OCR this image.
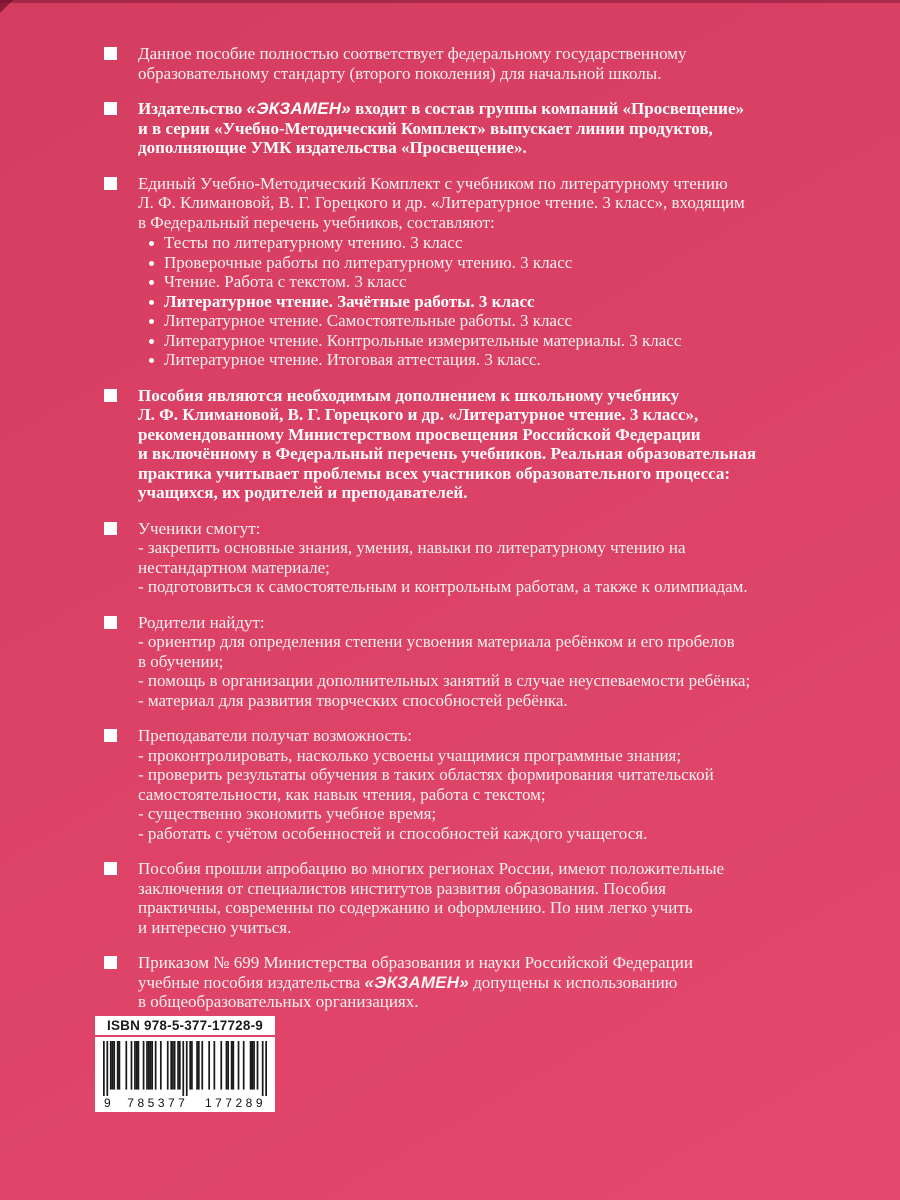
Данное пособие полностью соответствует федеральному государственному

образовательному стандарту (второго поколения) для начальной школы.

Издательство «ЭКЗАМЕН» входит в состав группы компаний «Просвещение»

и в серии «Учебно-Методический Комплект» выпускает линии продуктов,

дополняющие УМК издательства «Просвещение».

Единый Учебно-Методический Комплект с учебником по литературному чтению

Л. Ф. Климановой, В. Г. Горецкого и др. «Литературное чтение. 3 класс», входящим

в Федеральный перечень учебников, составляют:

Тесты по литературному чтению. 3 класс
Проверочные работы по литературному чтению. 3 класс
Чтение. Работа с текстом. 3 класс
Литературное чтение. Зачётные работы. 3 класс
Литературное чтение. Самостоятельные работы. 3 класс
Литературное чтение. Контрольные измерительные материалы. 3 класс
Литературное чтение. Итоговая аттестация. 3 класс.

Пособия являются необходимым дополнением к школьному учебнику

Л. Ф. Климановой, В. Г. Горецкого и др. «Литературное чтение. 3 класс»,

рекомендованному Министерством просвещения Российской Федерации

и включённому в Федеральный перечень учебников. Реальная образовательная

практика учитывает проблемы всех участников образовательного процесса:

учащихся, их родителей и преподавателей.

Ученики смогут:

- закрепить основные знания, умения, навыки по литературному чтению на

нестандартном материале;

- подготовиться к самостоятельным и контрольным работам, а также к олимпиадам.

Родители найдут:

- ориентир для определения степени усвоения материала ребёнком и его пробелов

в обучении;

- помощь в организации дополнительных занятий в случае неуспеваемости ребёнка;

- материал для развития творческих способностей ребёнка.

Преподаватели получат возможность:

- проконтролировать, насколько усвоены учащимися программные знания;

- проверить результаты обучения в таких областях формирования читательской

самостоятельности, как навык чтения, работа с текстом;

- существенно экономить учебное время;

- работать с учётом особенностей и способностей каждого учащегося.

Пособия прошли апробацию во многих регионах России, имеют положительные

заключения от специалистов институтов развития образования. Пособия

практичны, современны по содержанию и оформлению. По ним легко учить

и интересно учиться.

Приказом № 699 Министерства образования и науки Российской Федерации

учебные пособия издательства «ЭКЗАМЕН» допущены к использованию

в общеобразовательных организациях.

ISBN 978-5-377-17728-9
9 785377 177289
